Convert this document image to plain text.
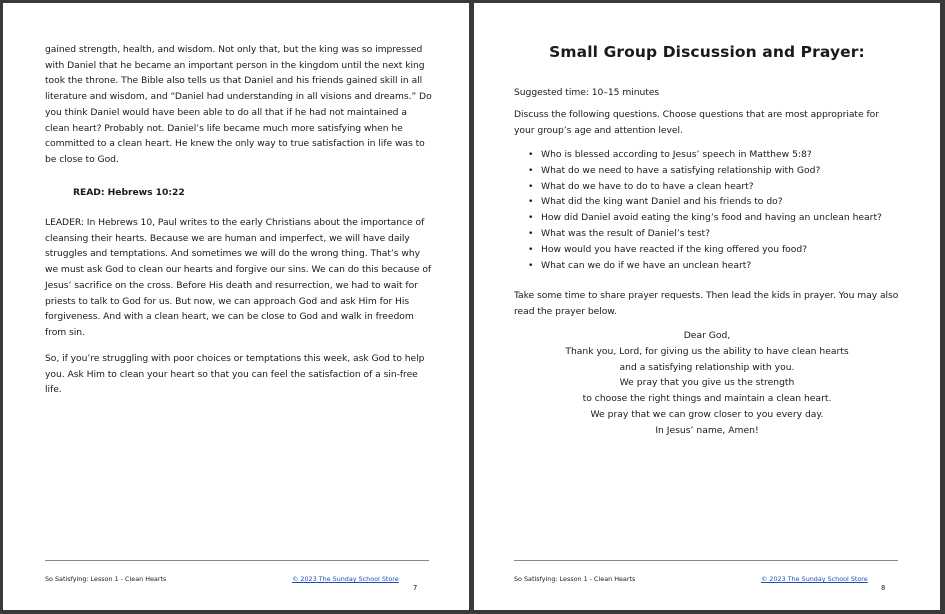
gained strength, health, and wisdom. Not only that, but the king was so impressed with Daniel that he became an important person in the kingdom until the next king took the throne. The Bible also tells us that Daniel and his friends gained skill in all literature and wisdom, and “Daniel had understanding in all visions and dreams.” Do you think Daniel would have been able to do all that if he had not maintained a clean heart? Probably not. Daniel’s life became much more satisfying when he committed to a clean heart. He knew the only way to true satisfaction in life was to be close to God.

READ: Hebrews 10:22

LEADER: In Hebrews 10, Paul writes to the early Christians about the importance of cleansing their hearts. Because we are human and imperfect, we will have daily struggles and temptations. And sometimes we will do the wrong thing. That’s why we must ask God to clean our hearts and forgive our sins. We can do this because of Jesus’ sacrifice on the cross. Before His death and resurrection, we had to wait for priests to talk to God for us. But now, we can approach God and ask Him for His forgiveness. And with a clean heart, we can be close to God and walk in freedom from sin.

So, if you’re struggling with poor choices or temptations this week, ask God to help you. Ask Him to clean your heart so that you can feel the satisfaction of a sin-free life.

So Satisfying: Lesson 1 - Clean Hearts	© 2023 The Sunday School Store
7
Small Group Discussion and Prayer:

Suggested time: 10–15 minutes

Discuss the following questions. Choose questions that are most appropriate for your group’s age and attention level.

• Who is blessed according to Jesus’ speech in Matthew 5:8?
• What do we need to have a satisfying relationship with God?
• What do we have to do to have a clean heart?
• What did the king want Daniel and his friends to do?
• How did Daniel avoid eating the king’s food and having an unclean heart?
• What was the result of Daniel’s test?
• How would you have reacted if the king offered you food?
• What can we do if we have an unclean heart?

Take some time to share prayer requests. Then lead the kids in prayer. You may also read the prayer below.

Dear God,
Thank you, Lord, for giving us the ability to have clean hearts
and a satisfying relationship with you.
We pray that you give us the strength
to choose the right things and maintain a clean heart.
We pray that we can grow closer to you every day.
In Jesus’ name, Amen!
So Satisfying: Lesson 1 - Clean Hearts	© 2023 The Sunday School Store
8
